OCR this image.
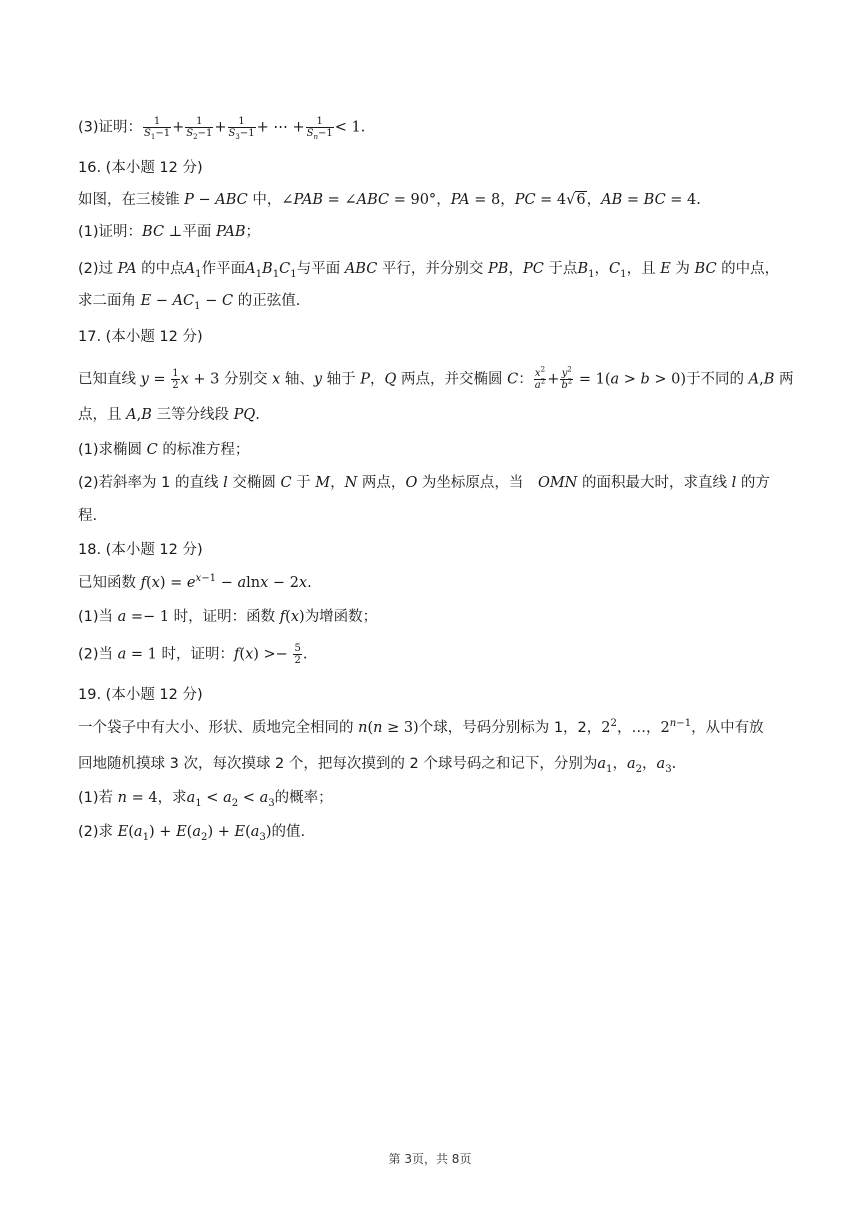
(3)证明： $\frac{1}{S_1-1} + \frac{1}{S_2-1} + \frac{1}{S_3-1}$ + ⋯ + $\frac{1}{S_n-1} < 1$.
16. (本小题 12 分)
如图，在三棱锥 P − ABC 中，∠PAB = ∠ABC = 90°，PA = 8，PC = 4√6，AB = BC = 4.
(1)证明：BC ⊥平面 PAB；
(2)过 PA 的中点$A_1$作平面$A_1B_1C_1$与平面 ABC 平行，并分别交 PB，PC 于点$B_1$，$C_1$，且 E 为 BC 的中点，
求二面角 $E - AC_1 - C$ 的正弦值.
17. (本小题 12 分)
已知直线 $y = \frac{1}{2}$ x + 3 分别交 x 轴、y 轴于 P，Q 两点，并交椭圆 C： $\frac{x^2}{a^2} + \frac{y^2}{b^2} = 1(a > b > 0)$于不同的 A,B 两
点，且 A,B 三等分线段 PQ.
(1)求椭圆 C 的标准方程；
(2)若斜率为 1 的直线 l 交椭圆 C 于 M，N 两点，O 为坐标原点，当　OMN 的面积最大时，求直线 l 的方
程.
18. (本小题 12 分)
已知函数 $f(x) = e^{x-1} - alnx - 2x$.
(1)当 a =− 1 时，证明：函数 f(x)为增函数；
(2)当 a = 1 时，证明：$f(x) >- \frac{5}{2}$ .
19. (本小题 12 分)
一个袋子中有大小、形状、质地完全相同的 n(n ≥ 3)个球，号码分别标为 1，2，$2^2$，…，$2^{n-1}$，从中有放
回地随机摸球 3 次，每次摸球 2 个，把每次摸到的 2 个球号码之和记下，分别为$a_1$，$a_2$，$a_3$.
(1)若 n = 4，求$a_1 < a_2 < a_3$的概率；
(2)求 $E(a_1) + E(a_2) + E(a_3)$的值.
第 3页，共 8页
